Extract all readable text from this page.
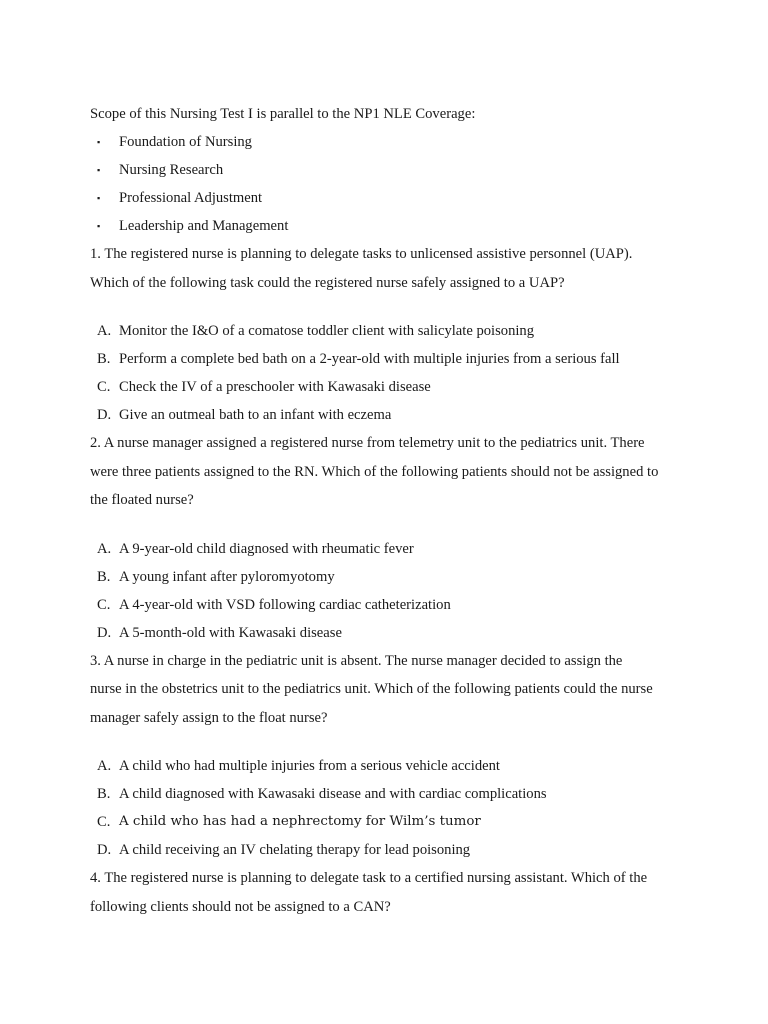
Scope of this Nursing Test I is parallel to the NP1 NLE Coverage:
▪ Foundation of Nursing

▪ Nursing Research

▪ Professional Adjustment

▪ Leadership and Management

1. The registered nurse is planning to delegate tasks to unlicensed assistive personnel (UAP).
Which of the following task could the registered nurse safely assigned to a UAP?
A. Monitor the I&O of a comatose toddler client with salicylate poisoning
B. Perform a complete bed bath on a 2-year-old with multiple injuries from a serious fall
C. Check the IV of a preschooler with Kawasaki disease
D. Give an outmeal bath to an infant with eczema
2. A nurse manager assigned a registered nurse from telemetry unit to the pediatrics unit. There
were three patients assigned to the RN. Which of the following patients should not be assigned to
the floated nurse?
A. A 9-year-old child diagnosed with rheumatic fever
B. A young infant after pyloromyotomy
C. A 4-year-old with VSD following cardiac catheterization
D. A 5-month-old with Kawasaki disease
3. A nurse in charge in the pediatric unit is absent. The nurse manager decided to assign the
nurse in the obstetrics unit to the pediatrics unit. Which of the following patients could the nurse
manager safely assign to the float nurse?
A. A child who had multiple injuries from a serious vehicle accident
B. A child diagnosed with Kawasaki disease and with cardiac complications
C. A child who has had a nephrectomy for Wilm’s tumor
D. A child receiving an IV chelating therapy for lead poisoning
4. The registered nurse is planning to delegate task to a certified nursing assistant. Which of the
following clients should not be assigned to a CAN?
